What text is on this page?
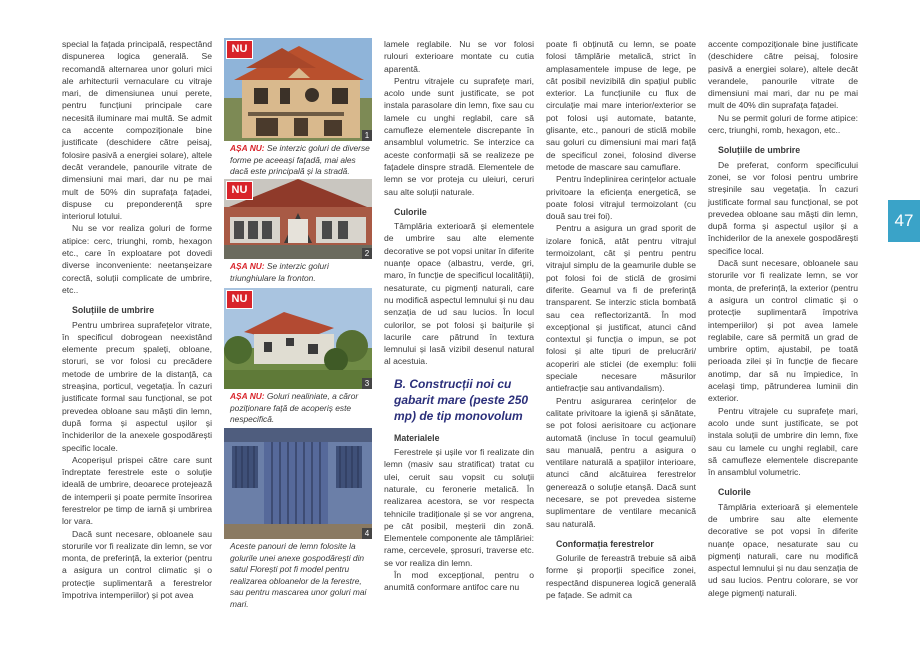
special la fațada principală, respectând dispunerea logica generală. Se recomandă alternarea unor goluri mici ale arhitecturii vernaculare cu vitraje mari, de dimensiunea unui perete, pentru funcțiuni principale care necesită iluminare mai multă. Se admit ca accente compoziționale bine justificate (deschidere către peisaj, folosire pasivă a energiei solare), altele decât verandele, panourile vitrate de dimensiuni mai mari, dar nu pe mai mult de 50% din suprafața fațadei, dispuse cu preponderență spre interiorul lotului.

Nu se vor realiza goluri de forme atipice: cerc, triunghi, romb, hexagon etc., care în exploatare pot dovedi diverse inconveniente: neetanșeizare corectă, soluții complicate de umbrire, etc..

Soluțiile de umbrire

Pentru umbrirea suprafețelor vitrate, în specificul dobrogean neexistând elemente precum șpaleți, obloane, storuri, se vor folosi cu precădere metode de umbrire de la distanță, ca streașina, porticul, vegetația. În cazuri justificate formal sau funcțional, se pot prevedea obloane sau măști din lemn, după forma și aspectul ușilor și închiderilor de la anexele gospodărești specific locale.

Acoperișul prispei către care sunt îndreptate ferestrele este o soluție ideală de umbrire, deoarece protejează de intemperii și poate permite însorirea ferestrelor pe timp de iarnă și umbrirea lor vara.

Dacă sunt necesare, obloanele sau storurile vor fi realizate din lemn, se vor monta, de preferință, la exterior (pentru a asigura un control climatic și o protecție suplimentară a ferestrelor împotriva intemperiilor) și pot avea

NU
1
AȘA NU: Se interzic goluri de diverse forme pe aceeași fațadă, mai ales dacă este principală și la stradă.
NU
2
AȘA NU: Se interzic goluri triunghiulare la fronton.
NU
3
AȘA NU: Goluri nealiniate, a căror poziționare față de acoperiș este nespecifică.
4
Aceste panouri de lemn folosite la golurile unei anexe gospodărești din satul Florești pot fi model pentru realizarea obloanelor de la ferestre, sau pentru mascarea unor goluri mai mari.

lamele reglabile. Nu se vor folosi rulouri exterioare montate cu cutia aparentă.

Pentru vitrajele cu suprafețe mari, acolo unde sunt justificate, se pot instala parasolare din lemn, fixe sau cu lamele cu unghi reglabil, care să camufleze elementele discrepante în ansamblul volumetric. Se interzice ca aceste conformații să se realizeze pe fațadele dinspre stradă. Elementele de lemn se vor proteja cu uleiuri, ceruri sau alte soluții naturale.

Culorile

Tâmplăria exterioară și elementele de umbrire sau alte elemente decorative se pot vopsi unitar în diferite nuanțe opace (albastru, verde, gri, maro, în funcție de specificul localității), nesaturate, cu pigmenți naturali, care nu modifică aspectul lemnului și nu dau senzația de ud sau lucios. În locul culorilor, se pot folosi și baițurile și lacurile care pătrund în textura lemnului și lasă vizibil desenul natural al acestuia.

B. Construcții noi cu gabarit mare (peste 250 mp) de tip monovolum
Materialele

Ferestrele și ușile vor fi realizate din lemn (masiv sau stratificat) tratat cu ulei, ceruit sau vopsit cu soluții naturale, cu feronerie metalică. În realizarea acestora, se vor respecta tehnicile tradiționale și se vor angrena, pe cât posibil, meșterii din zonă. Elementele componente ale tâmplăriei: rame, cercevele, șprosuri, traverse etc. se vor realiza din lemn.

În mod excepțional, pentru o anumită conformare antifoc care nu

poate fi obținută cu lemn, se poate folosi tâmplărie metalică, strict în amplasamentele impuse de lege, pe cât posibil nevizibilă din spațiul public exterior. La funcțiunile cu flux de circulație mai mare interior/exterior se pot folosi uși automate, batante, glisante, etc., panouri de sticlă mobile sau goluri cu dimensiuni mai mari față de specificul zonei, folosind diverse metode de mascare sau camuflare.

Pentru îndeplinirea cerințelor actuale privitoare la eficiența energetică, se poate folosi vitrajul termoizolant (cu două sau trei foi).

Pentru a asigura un grad sporit de izolare fonică, atât pentru vitrajul termoizolant, cât și pentru pentru vitrajul simplu de la geamurile duble se pot folosi foi de sticlă de grosimi diferite. Geamul va fi de preferință transparent. Se interzic sticla bombată sau cea reflectorizantă. În mod excepțional și justificat, atunci când contextul și funcția o impun, se pot folosi și alte tipuri de prelucrări/ acoperiri ale sticlei (de exemplu: folii speciale necesare măsurilor antiefracție sau antivandalism).

Pentru asigurarea cerințelor de calitate privitoare la igienă și sănătate, se pot folosi aerisitoare cu acționare automată (incluse în tocul geamului) sau manuală, pentru a asigura o ventilare naturală a spațiilor interioare, atunci când alcătuirea ferestrelor generează o soluție etanșă. Dacă sunt necesare, se pot prevedea sisteme suplimentare de ventilare mecanică sau naturală.

Conformația ferestrelor

Golurile de fereastră trebuie să aibă forme și proporții specifice zonei, respectând dispunerea logică generală pe fațade. Se admit ca

accente compoziționale bine justificate (deschidere către peisaj, folosire pasivă a energiei solare), altele decât verandele, panourile vitrate de dimensiuni mai mari, dar nu pe mai mult de 40% din suprafața fațadei.

Nu se permit goluri de forme atipice: cerc, triunghi, romb, hexagon, etc..

Soluțiile de umbrire

De preferat, conform specificului zonei, se vor folosi pentru umbrire streșinile sau vegetația. În cazuri justificate formal sau funcțional, se pot prevedea obloane sau măști din lemn, după forma și aspectul ușilor și a închiderilor de la anexele gospodărești specifice local.

Dacă sunt necesare, obloanele sau storurile vor fi realizate lemn, se vor monta, de preferință, la exterior (pentru a asigura un control climatic și o protecție suplimentară împotriva intemperiilor) și pot avea lamele reglabile, care să permită un grad de umbrire optim, ajustabil, pe toată perioada zilei și în funcție de fiecare anotimp, dar să nu împiedice, în acelaşi timp, pătrunderea luminii din exterior.

Pentru vitrajele cu suprafețe mari, acolo unde sunt justificate, se pot instala soluții de umbrire din lemn, fixe sau cu lamele cu unghi reglabil, care să camufleze elementele discrepante în ansamblul volumetric.

Culorile

Tâmplăria exterioară și elementele de umbrire sau alte elemente decorative se pot vopsi în diferite nuanțe opace, nesaturate sau cu pigmenți naturali, care nu modifică aspectul lemnului și nu dau senzația de ud sau lucios. Pentru colorare, se vor alege pigmenți naturali.

47
